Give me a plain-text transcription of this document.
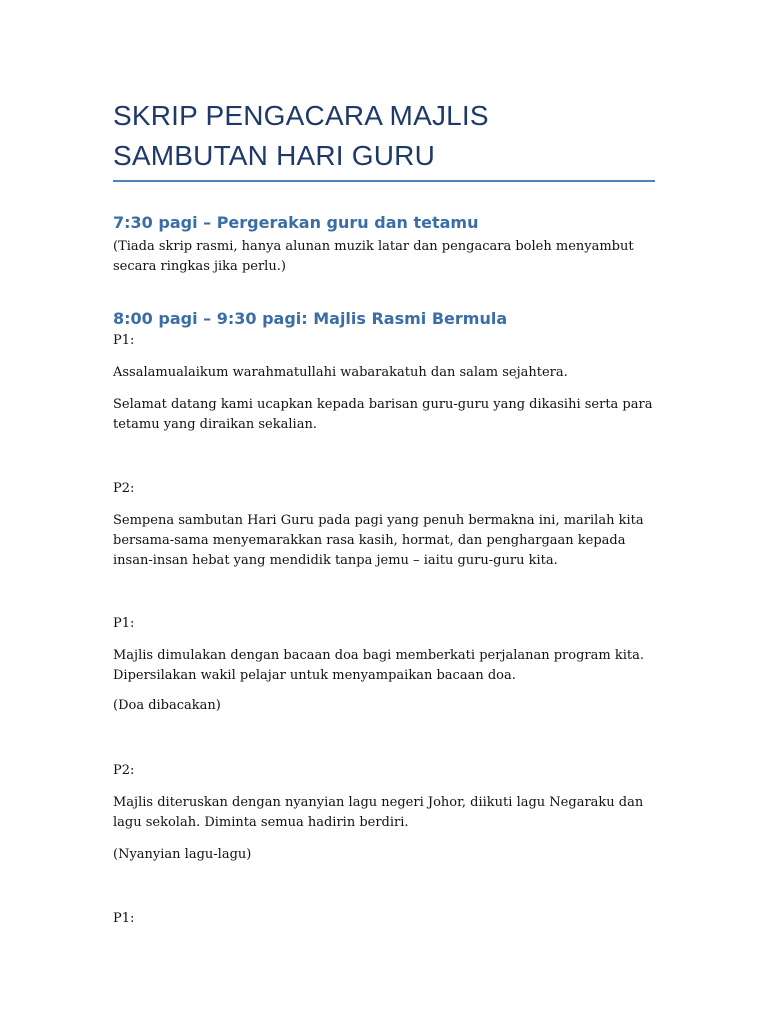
SKRIP PENGACARA MAJLIS
SAMBUTAN HARI GURU
7:30 pagi – Pergerakan guru dan tetamu

(Tiada skrip rasmi, hanya alunan muzik latar dan pengacara boleh menyambut secara ringkas jika perlu.)

8:00 pagi – 9:30 pagi: Majlis Rasmi Bermula

P1:

Assalamualaikum warahmatullahi wabarakatuh dan salam sejahtera.

Selamat datang kami ucapkan kepada barisan guru-guru yang dikasihi serta para tetamu yang diraikan sekalian.

P2:

Sempena sambutan Hari Guru pada pagi yang penuh bermakna ini, marilah kita bersama-sama menyemarakkan rasa kasih, hormat, dan penghargaan kepada insan-insan hebat yang mendidik tanpa jemu – iaitu guru-guru kita.

P1:

Majlis dimulakan dengan bacaan doa bagi memberkati perjalanan program kita. Dipersilakan wakil pelajar untuk menyampaikan bacaan doa.

(Doa dibacakan)

P2:

Majlis diteruskan dengan nyanyian lagu negeri Johor, diikuti lagu Negaraku dan lagu sekolah. Diminta semua hadirin berdiri.

(Nyanyian lagu-lagu)

P1:
